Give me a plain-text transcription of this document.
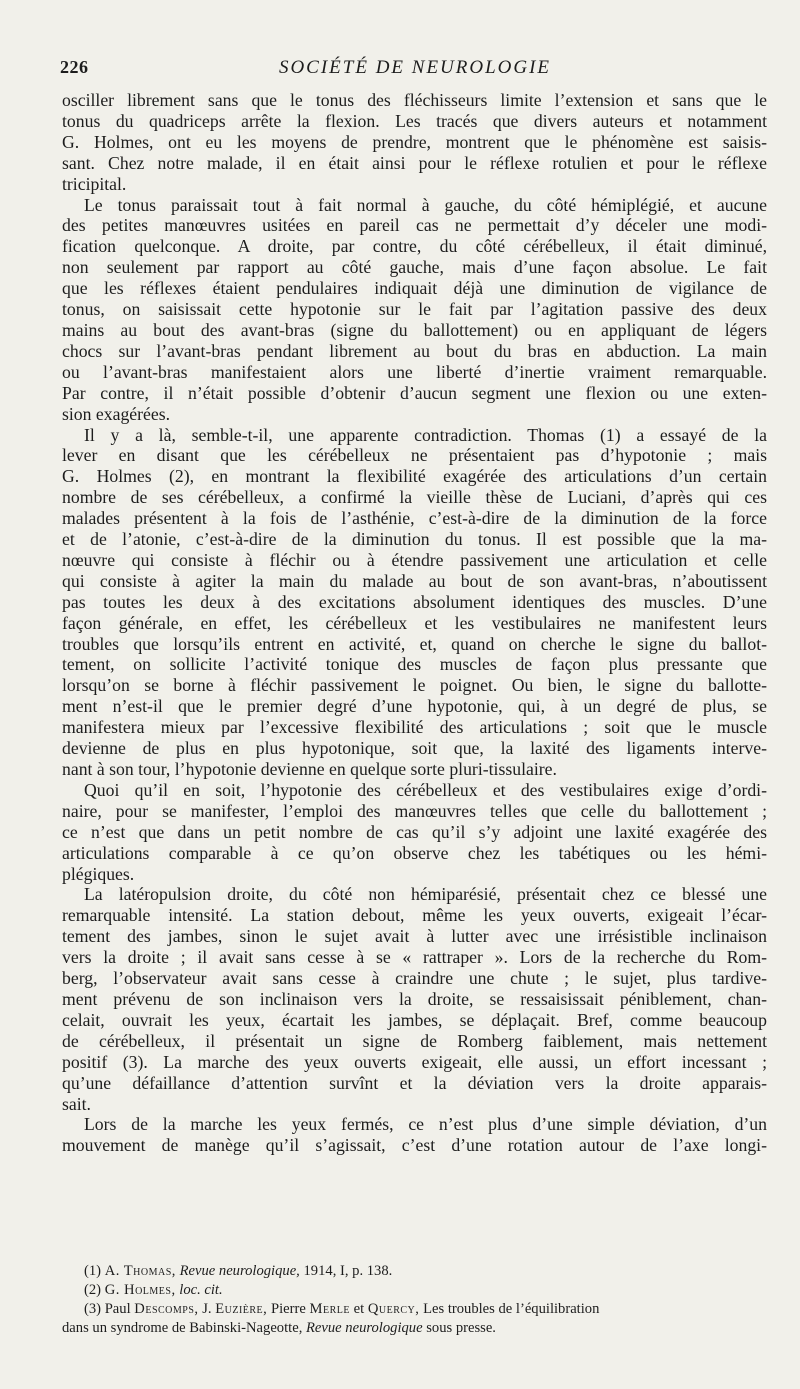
226	SOCIÉTÉ DE NEUROLOGIE
osciller librement sans que le tonus des fléchisseurs limite l’extension et sans que le
tonus du quadriceps arrête la flexion. Les tracés que divers auteurs et notamment
G. Holmes, ont eu les moyens de prendre, montrent que le phénomène est saisis-
sant. Chez notre malade, il en était ainsi pour le réflexe rotulien et pour le réflexe
tricipital.
Le tonus paraissait tout à fait normal à gauche, du côté hémiplégié, et aucune
des petites manœuvres usitées en pareil cas ne permettait d’y déceler une modi-
fication quelconque. A droite, par contre, du côté cérébelleux, il était diminué,
non seulement par rapport au côté gauche, mais d’une façon absolue. Le fait
que les réflexes étaient pendulaires indiquait déjà une diminution de vigilance de
tonus, on saisissait cette hypotonie sur le fait par l’agitation passive des deux
mains au bout des avant-bras (signe du ballottement) ou en appliquant de légers
chocs sur l’avant-bras pendant librement au bout du bras en abduction. La main
ou l’avant-bras manifestaient alors une liberté d’inertie vraiment remarquable.
Par contre, il n’était possible d’obtenir d’aucun segment une flexion ou une exten-
sion exagérées.
Il y a là, semble-t-il, une apparente contradiction. Thomas (1) a essayé de la
lever en disant que les cérébelleux ne présentaient pas d’hypotonie ; mais
G. Holmes (2), en montrant la flexibilité exagérée des articulations d’un certain
nombre de ses cérébelleux, a confirmé la vieille thèse de Luciani, d’après qui ces
malades présentent à la fois de l’asthénie, c’est-à-dire de la diminution de la force
et de l’atonie, c’est-à-dire de la diminution du tonus. Il est possible que la ma-
nœuvre qui consiste à fléchir ou à étendre passivement une articulation et celle
qui consiste à agiter la main du malade au bout de son avant-bras, n’aboutissent
pas toutes les deux à des excitations absolument identiques des muscles. D’une
façon générale, en effet, les cérébelleux et les vestibulaires ne manifestent leurs
troubles que lorsqu’ils entrent en activité, et, quand on cherche le signe du ballot-
tement, on sollicite l’activité tonique des muscles de façon plus pressante que
lorsqu’on se borne à fléchir passivement le poignet. Ou bien, le signe du ballotte-
ment n’est-il que le premier degré d’une hypotonie, qui, à un degré de plus, se
manifestera mieux par l’excessive flexibilité des articulations ; soit que le muscle
devienne de plus en plus hypotonique, soit que, la laxité des ligaments interve-
nant à son tour, l’hypotonie devienne en quelque sorte pluri-tissulaire.
Quoi qu’il en soit, l’hypotonie des cérébelleux et des vestibulaires exige d’ordi-
naire, pour se manifester, l’emploi des manœuvres telles que celle du ballottement ;
ce n’est que dans un petit nombre de cas qu’il s’y adjoint une laxité exagérée des
articulations comparable à ce qu’on observe chez les tabétiques ou les hémi-
plégiques.
La latéropulsion droite, du côté non hémiparésié, présentait chez ce blessé une
remarquable intensité. La station debout, même les yeux ouverts, exigeait l’écar-
tement des jambes, sinon le sujet avait à lutter avec une irrésistible inclinaison
vers la droite ; il avait sans cesse à se « rattraper ». Lors de la recherche du Rom-
berg, l’observateur avait sans cesse à craindre une chute ; le sujet, plus tardive-
ment prévenu de son inclinaison vers la droite, se ressaisissait péniblement, chan-
celait, ouvrait les yeux, écartait les jambes, se déplaçait. Bref, comme beaucoup
de cérébelleux, il présentait un signe de Romberg faiblement, mais nettement
positif (3). La marche des yeux ouverts exigeait, elle aussi, un effort incessant ;
qu’une défaillance d’attention survînt et la déviation vers la droite apparais-
sait.
Lors de la marche les yeux fermés, ce n’est plus d’une simple déviation, d’un
mouvement de manège qu’il s’agissait, c’est d’une rotation autour de l’axe longi-
(1) A. Thomas, Revue neurologique, 1914, I, p. 138.
(2) G. Holmes, loc. cit.
(3) Paul Descomps, J. Euzière, Pierre Merle et Quercy, Les troubles de l’équilibration
dans un syndrome de Babinski-Nageotte, Revue neurologique sous presse.
